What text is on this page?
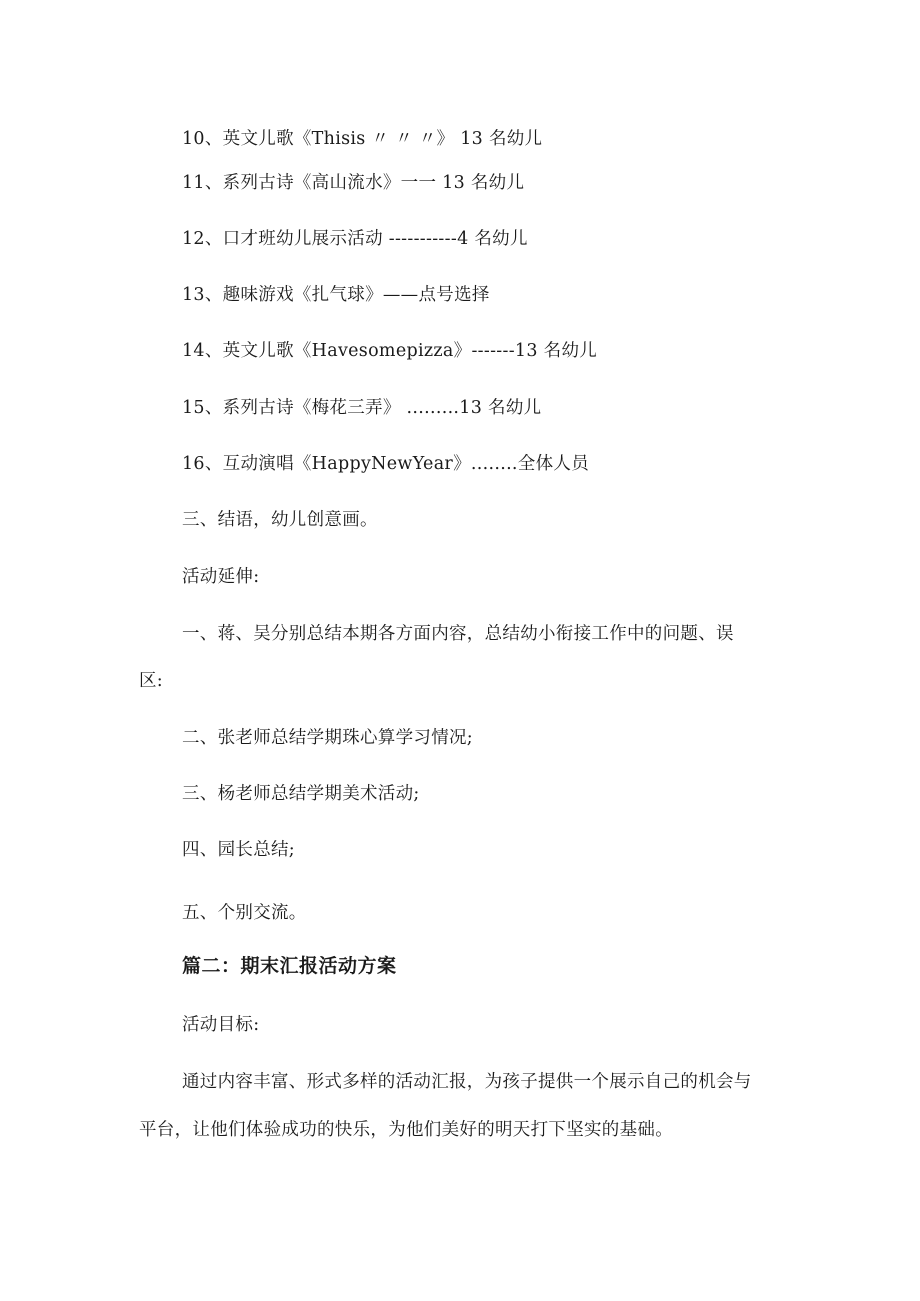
10、英文儿歌《Thisis 〃 〃 〃》 13 名幼儿
11、系列古诗《高山流水》一一 13 名幼儿
12、口才班幼儿展示活动 -----------4 名幼儿
13、趣味游戏《扎气球》——点号选择
14、英文儿歌《Havesomepizza》-------13 名幼儿
15、系列古诗《梅花三弄》 .........13 名幼儿
16、互动演唱《HappyNewYear》........全体人员
三、结语，幼儿创意画。
活动延伸:
一、蒋、吴分别总结本期各方面内容，总结幼小衔接工作中的问题、误
区:
二、张老师总结学期珠心算学习情况;
三、杨老师总结学期美术活动;
四、园长总结;
五、个别交流。
篇二：期末汇报活动方案
活动目标:
通过内容丰富、形式多样的活动汇报，为孩子提供一个展示自己的机会与
平台，让他们体验成功的快乐，为他们美好的明天打下坚实的基础。
